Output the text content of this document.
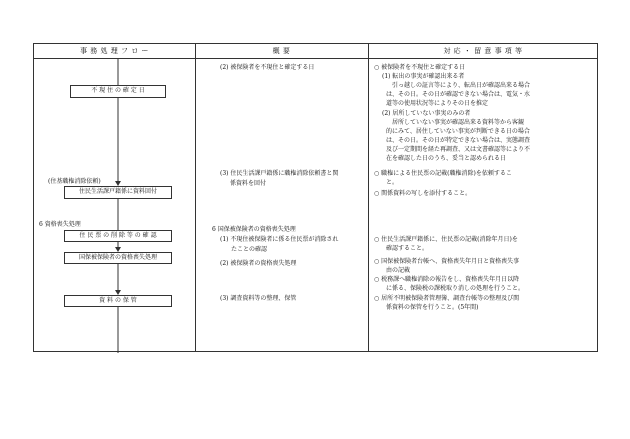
事 務 処 理 フ ロ ー	概 要	対 応 ・ 留 意 事 項 等
不 現 住 の 確 定 日
(住基職権消除依頼)
住民生活課戸籍係に資料回付
6 資格喪失処理
住 民 票 の 削 除 等 の 確 認
国保被保険者の資格喪失処理
資 料 の 保 管
(2) 被保険者を不現住と確定する日
(3) 住民生活課戸籍係に職権消除依頼書と関
係資料を回付
6 国保被保険者の資格喪失処理
(1) 不現住被保険者に係る住民票が消除され
たことの確認
(2) 被保険者の資格喪失処理
(3) 調査資料等の整理、保管
○ 被保険者を不現住と確定する日
(1) 転出の事実が確認出来る者
引っ越しの証言等により、転出日が確認出来る場合
は、その日。その日が確認できない場合は、電気・水
道等の使用状況等によりその日を推定
(2) 居所していない事実のみの者
居所していない事実が確認出来る資料等から客観
的にみて、居住していない事実が判断できる日の場合
は、その日。その日が特定できない場合は、実態調査
及び一定期間を経た再調査、又は文書確認等により不
在を確認した日のうち、妥当と認められる日
○ 職権による住民票の記載(職権消除)を依頼するこ
と。
○ 関係資料の写しを添付すること。
○ 住民生活課戸籍係に、住民票の記載(消除年月日)を
確認すること。
○ 国保被保険者台帳へ、資格喪失年月日と資格喪失事
由の記載
○ 税務課へ職権消除の報告をし、資格喪失年月日以降
に係る、保険税の課税取り消しの処理を行うこと。
○ 居所不明被保険者管理簿、調査台帳等の整理及び関
係資料の保管を行うこと。(5年間)
